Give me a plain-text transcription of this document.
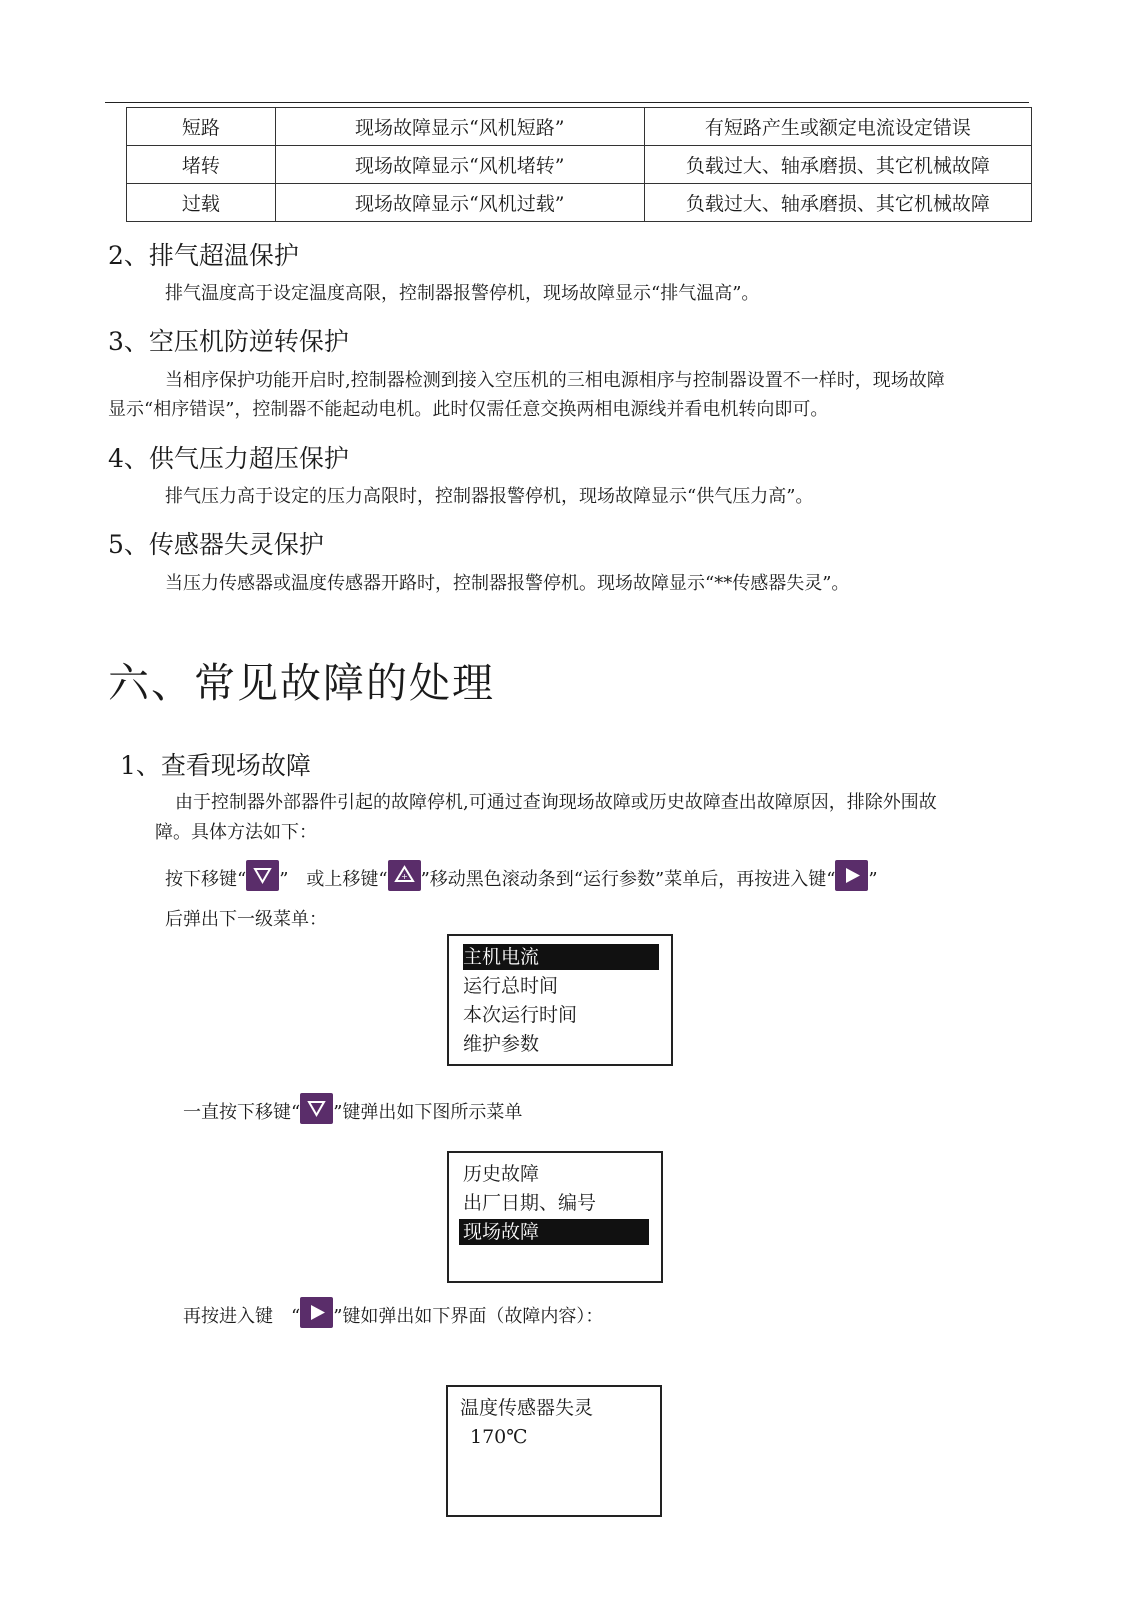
短路	现场故障显示“风机短路”	有短路产生或额定电流设定错误
堵转	现场故障显示“风机堵转”	负载过大、轴承磨损、其它机械故障
过载	现场故障显示“风机过载”	负载过大、轴承磨损、其它机械故障
2、排气超温保护
排气温度高于设定温度高限，控制器报警停机，现场故障显示“排气温高”。
3、空压机防逆转保护
当相序保护功能开启时,控制器检测到接入空压机的三相电源相序与控制器设置不一样时，现场故障
显示“相序错误”，控制器不能起动电机。此时仅需任意交换两相电源线并看电机转向即可。
4、供气压力超压保护
排气压力高于设定的压力高限时，控制器报警停机，现场故障显示“供气压力高”。
5、传感器失灵保护
当压力传感器或温度传感器开路时，控制器报警停机。现场故障显示“**传感器失灵”。
六、常见故障的处理
1、查看现场故障
由于控制器外部器件引起的故障停机,可通过查询现场故障或历史故障查出故障原因，排除外围故
障。具体方法如下：
按下移键“ ”　或上移键“ + ”移动黑色滚动条到“运行参数”菜单后，再按进入键“ ”
后弹出下一级菜单：
主机电流
运行总时间
本次运行时间
维护参数
一直按下移键“ ”键弹出如下图所示菜单
历史故障
出厂日期、编号
现场故障
再按进入键　“ ”键如弹出如下界面（故障内容）：
温度传感器失灵
170℃
